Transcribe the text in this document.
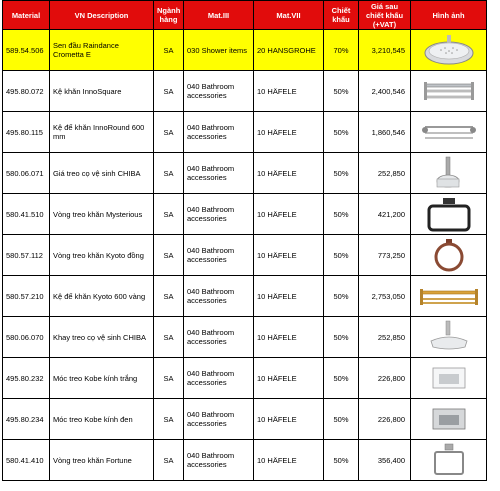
Material	VN Description	Ngành hàng	Mat.III	Mat.VII	Chiết khấu	Giá sau chiết khấu (+VAT)	Hình ảnh
589.54.506	Sen đầu Raindance Crometta E	SA	030 Shower items	20 HANSGROHE	70%	3,210,545	

495.80.072	Kệ khăn InnoSquare	SA	040 Bathroom accessories	10 HÄFELE	50%	2,400,546	

495.80.115	Kệ để khăn InnoRound 600 mm	SA	040 Bathroom accessories	10 HÄFELE	50%	1,860,546	

580.06.071	Giá treo cọ vệ sinh CHIBA	SA	040 Bathroom accessories	10 HÄFELE	50%	252,850	

580.41.510	Vòng treo khăn Mysterious	SA	040 Bathroom accessories	10 HÄFELE	50%	421,200	

580.57.112	Vòng treo khăn Kyoto đồng	SA	040 Bathroom accessories	10 HÄFELE	50%	773,250	

580.57.210	Kệ để khăn Kyoto 600 vàng	SA	040 Bathroom accessories	10 HÄFELE	50%	2,753,050	

580.06.070	Khay treo cọ vệ sinh CHIBA	SA	040 Bathroom accessories	10 HÄFELE	50%	252,850	

495.80.232	Móc treo Kobe kính trắng	SA	040 Bathroom accessories	10 HÄFELE	50%	226,800	

495.80.234	Móc treo Kobe kính đen	SA	040 Bathroom accessories	10 HÄFELE	50%	226,800	

580.41.410	Vòng treo khăn Fortune	SA	040 Bathroom accessories	10 HÄFELE	50%	356,400	
